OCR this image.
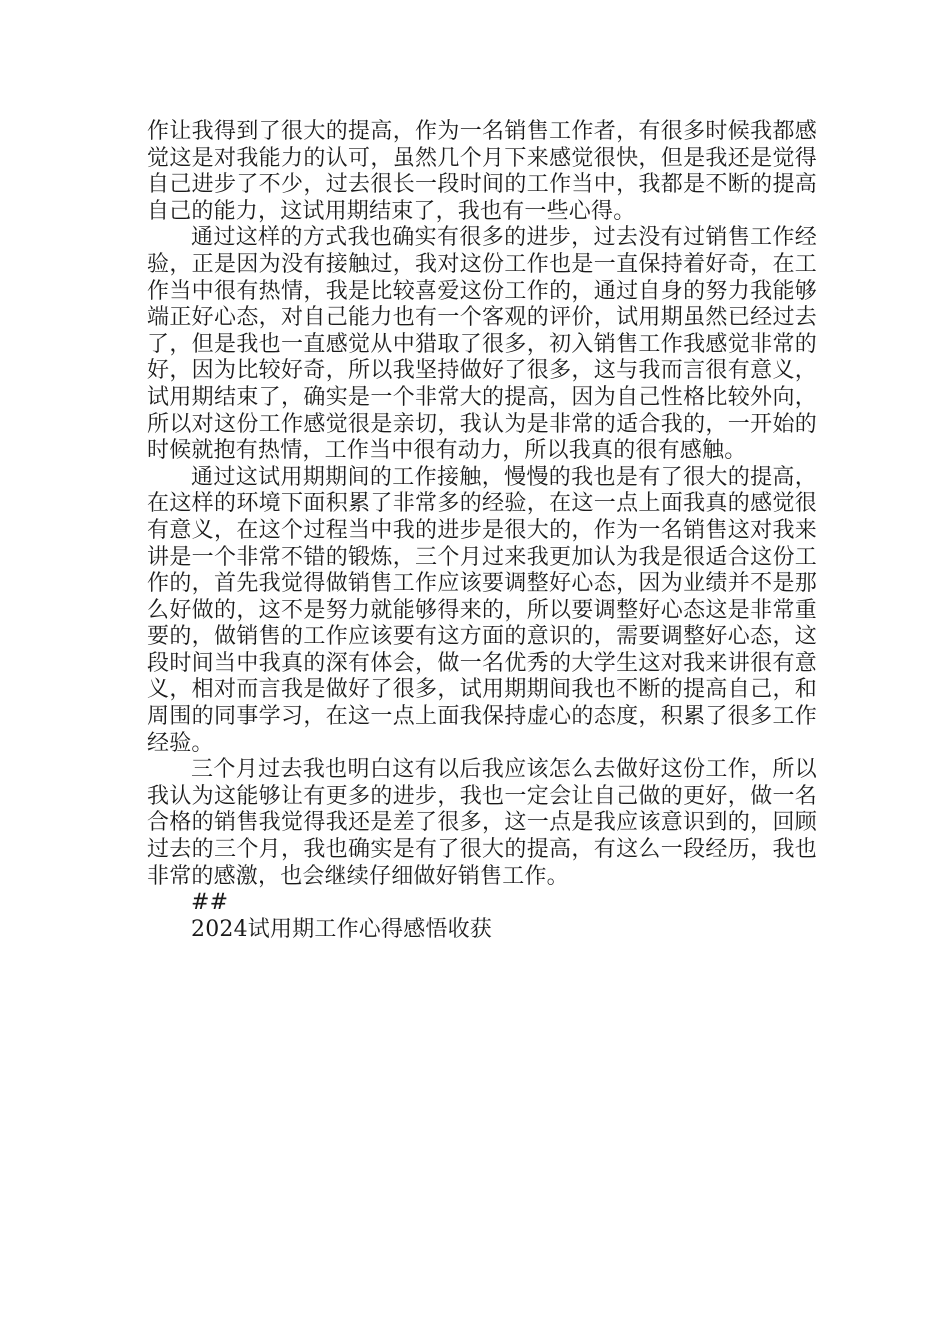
作让我得到了很大的提高，作为一名销售工作者，有很多时候我都感觉这是对我能力的认可，虽然几个月下来感觉很快，但是我还是觉得自己进步了不少，过去很长一段时间的工作当中，我都是不断的提高自己的能力，这试用期结束了，我也有一些心得。

通过这样的方式我也确实有很多的进步，过去没有过销售工作经验，正是因为没有接触过，我对这份工作也是一直保持着好奇，在工作当中很有热情，我是比较喜爱这份工作的，通过自身的努力我能够端正好心态，对自己能力也有一个客观的评价，试用期虽然已经过去了，但是我也一直感觉从中猎取了很多，初入销售工作我感觉非常的好，因为比较好奇，所以我坚持做好了很多，这与我而言很有意义，试用期结束了，确实是一个非常大的提高，因为自己性格比较外向，所以对这份工作感觉很是亲切，我认为是非常的适合我的，一开始的时候就抱有热情，工作当中很有动力，所以我真的很有感触。

通过这试用期期间的工作接触，慢慢的我也是有了很大的提高，在这样的环境下面积累了非常多的经验，在这一点上面我真的感觉很有意义，在这个过程当中我的进步是很大的，作为一名销售这对我来讲是一个非常不错的锻炼，三个月过来我更加认为我是很适合这份工作的，首先我觉得做销售工作应该要调整好心态，因为业绩并不是那么好做的，这不是努力就能够得来的，所以要调整好心态这是非常重要的，做销售的工作应该要有这方面的意识的，需要调整好心态，这段时间当中我真的深有体会，做一名优秀的大学生这对我来讲很有意义，相对而言我是做好了很多，试用期期间我也不断的提高自己，和周围的同事学习，在这一点上面我保持虚心的态度，积累了很多工作经验。

三个月过去我也明白这有以后我应该怎么去做好这份工作，所以我认为这能够让有更多的进步，我也一定会让自己做的更好，做一名合格的销售我觉得我还是差了很多，这一点是我应该意识到的，回顾过去的三个月，我也确实是有了很大的提高，有这么一段经历，我也非常的感激，也会继续仔细做好销售工作。

##

2024试用期工作心得感悟收获
